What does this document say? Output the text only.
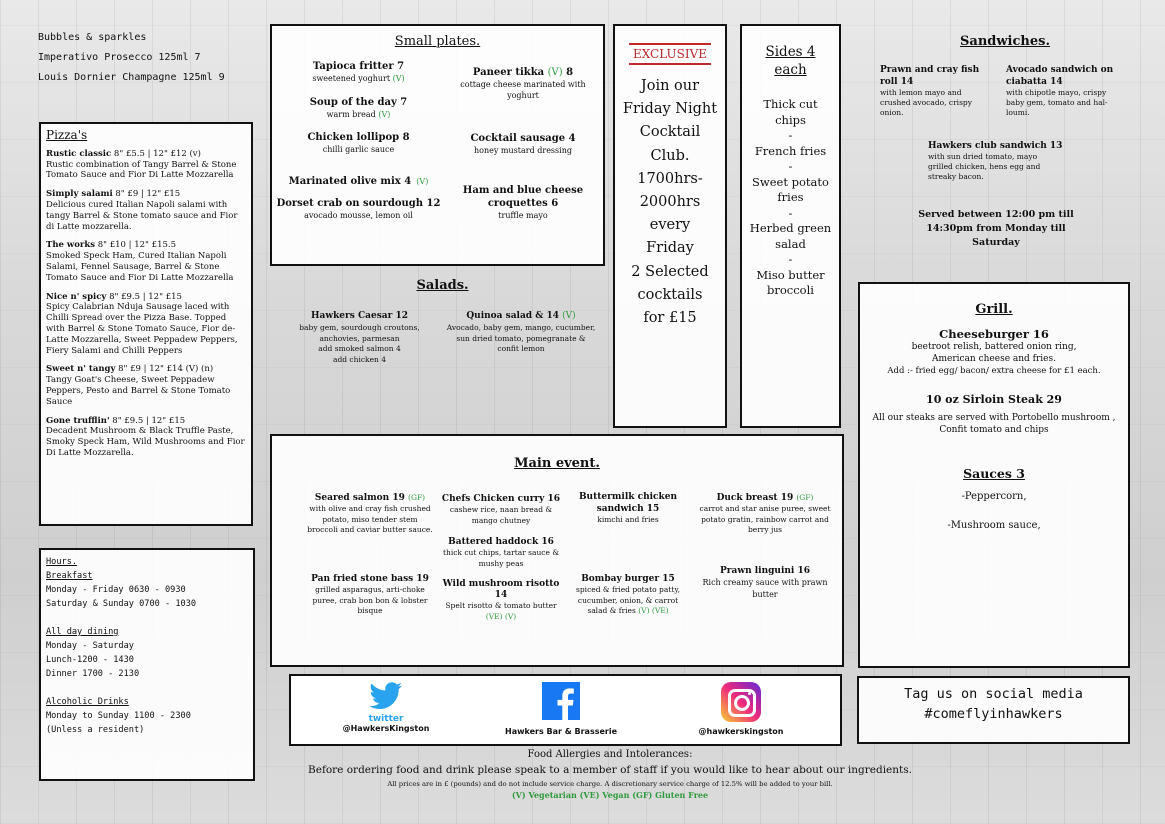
Bubbles & sparkles
Imperativo Prosecco 125ml 7
Louis Dornier Champagne 125ml 9
Pizza's
Rustic classic 8" £5.5 | 12" £12 (v)
Rustic combination of Tangy Barrel & Stone Tomato Sauce and Fior Di Latte Mozzarella
Simply salami 8" £9 | 12" £15
Delicious cured Italian Napoli salami with tangy Barrel & Stone tomato sauce and Fior di Latte mozzarella.
The works 8" £10 | 12" £15.5
Smoked Speck Ham, Cured Italian Napoli Salami, Fennel Sausage, Barrel & Stone Tomato Sauce and Fior Di Latte Mozzarella
Nice n' spicy 8" £9.5 | 12" £15
Spicy Calabrian Nduja Sausage laced with Chilli Spread over the Pizza Base. Topped with Barrel & Stone Tomato Sauce, Fior de-Latte Mozzarella, Sweet Peppadew Peppers, Fiery Salami and Chilli Peppers
Sweet n' tangy 8" £9 | 12" £14 (V) (n)
Tangy Goat's Cheese, Sweet Peppadew Peppers, Pesto and Barrel & Stone Tomato Sauce
Gone trufflin' 8" £9.5 | 12" £15
Decadent Mushroom & Black Truffle Paste, Smoky Speck Ham, Wild Mushrooms and Fior Di Latte Mozzarella.
Hours.
Breakfast
Monday - Friday 0630 - 0930
Saturday & Sunday 0700 - 1030
All day dining
Monday - Saturday
Lunch-1200 - 1430
Dinner 1700 - 2130
Alcoholic Drinks
Monday to Sunday 1100 - 2300
(Unless a resident)
Small plates.
Tapioca fritter 7
sweetened yoghurt (V)
Soup of the day 7
warm bread (V)
Chicken lollipop 8
chilli garlic sauce
Marinated olive mix 4 (V)
Dorset crab on sourdough 12
avocado mousse, lemon oil
Paneer tikka (V) 8
cottage cheese marinated with yoghurt
Cocktail sausage 4
honey mustard dressing
Ham and blue cheese croquettes 6
truffle mayo
EXCLUSIVE
Join our
Friday Night
Cocktail
Club.
1700hrs-
2000hrs
every
Friday
2 Selected
cocktails
for £15
Sides 4 each
Thick cut chips
-
French fries
-
Sweet potato fries
-
Herbed green salad
-
Miso butter broccoli
Sandwiches.
Prawn and cray fish roll 14
with lemon mayo and crushed avocado, crispy onion.
Avocado sandwich on ciabatta 14
with chipotle mayo, crispy baby gem, tomato and hal-loumi.
Hawkers club sandwich 13
with sun dried tomato, mayo grilled chicken, hens egg and streaky bacon.
Served between 12:00 pm till 14:30pm from Monday till Saturday
Salads.
Hawkers Caesar 12
baby gem, sourdough croutons, anchovies, parmesan
add smoked salmon 4
add chicken 4
Quinoa salad & 14 (V)
Avocado, baby gem, mango, cucumber, sun dried tomato, pomegranate & confit lemon
Grill.
Cheeseburger 16
beetroot relish, battered onion ring, American cheese and fries.
Add :- fried egg/ bacon/ extra cheese for £1 each.
10 oz Sirloin Steak 29
All our steaks are served with Portobello mushroom , Confit tomato and chips
Sauces 3
-Peppercorn,
-Mushroom sauce,
Main event.
Seared salmon 19 (GF)
with olive and cray fish crushed potato, miso tender stem broccoli and caviar butter sauce.
Pan fried stone bass 19
grilled asparagus, arti-choke puree, crab bon bon & lobster bisque
Chefs Chicken curry 16
cashew rice, naan bread & mango chutney
Battered haddock 16
thick cut chips, tartar sauce & mushy peas
Wild mushroom risotto 14
Spelt risotto & tomato butter (VE) (V)
Buttermilk chicken sandwich 15
kimchi and fries
Bombay burger 15
spiced & fried potato patty, cucumber, onion, & carrot salad & fries (V) (VE)
Duck breast 19 (GF)
carrot and star anise puree, sweet potato gratin, rainbow carrot and berry jus
Prawn linguini 16
Rich creamy sauce with prawn butter
twitter
@HawkersKingston	Hawkers Bar & Brasserie	@hawkerskingston
Tag us on social media
#comeflyinhawkers
Food Allergies and Intolerances:
Before ordering food and drink please speak to a member of staff if you would like to hear about our ingredients.
All prices are in £ (pounds) and do not include service charge. A discretionary service charge of 12.5% will be added to your bill.
(V) Vegetarian (VE) Vegan (GF) Gluten Free
